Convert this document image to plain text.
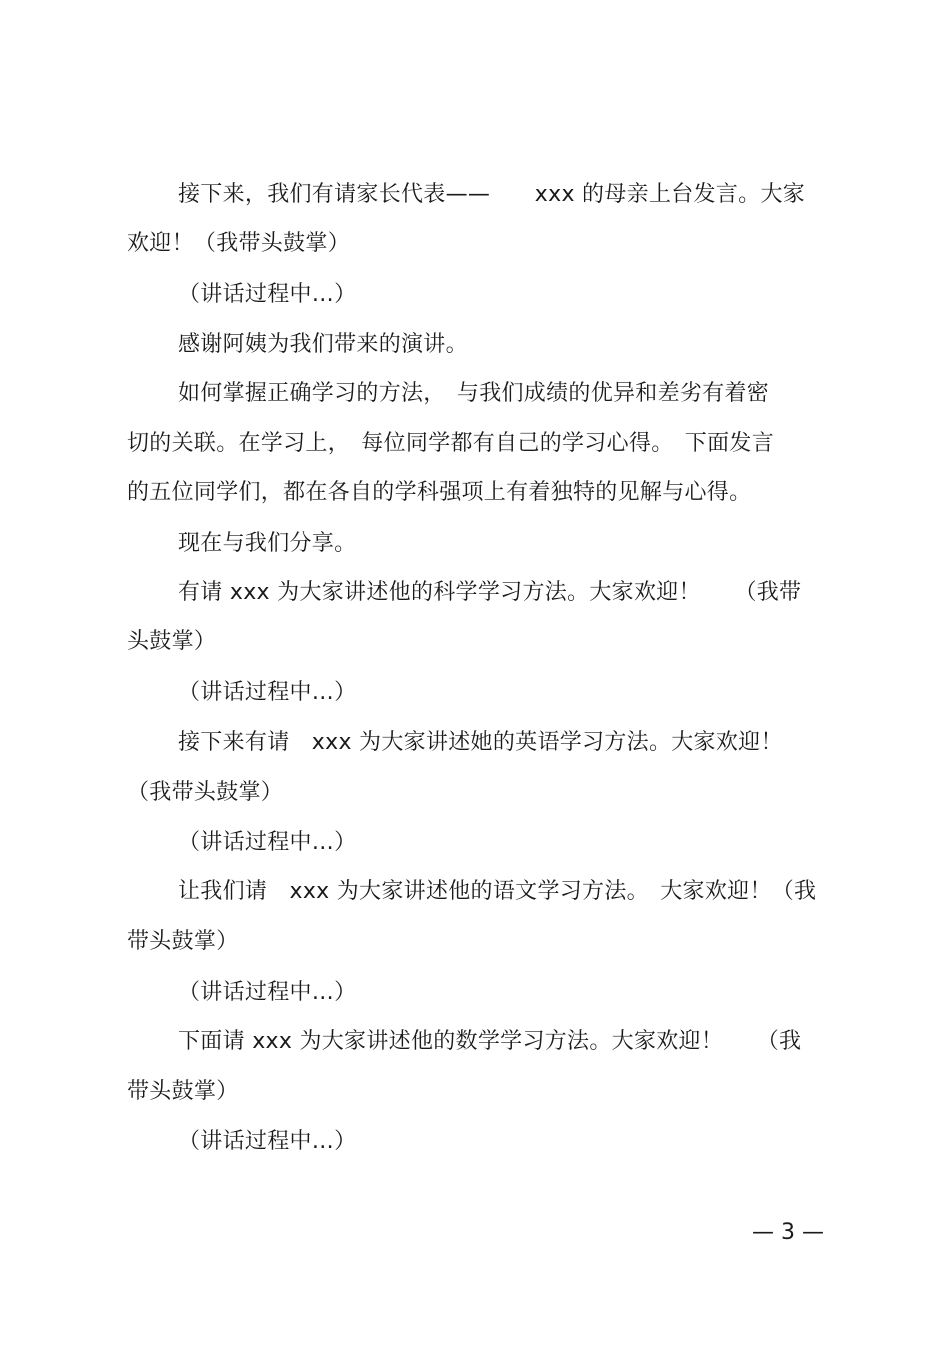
接下来，我们有请家长代表——　　xxx 的母亲上台发言。大家
欢迎！（我带头鼓掌）
（讲话过程中…）
感谢阿姨为我们带来的演讲。
如何掌握正确学习的方法，　与我们成绩的优异和差劣有着密
切的关联。在学习上，　每位同学都有自己的学习心得。　下面发言
的五位同学们，都在各自的学科强项上有着独特的见解与心得。
现在与我们分享。
有请 xxx 为大家讲述他的科学学习方法。大家欢迎！　　（我带
头鼓掌）
（讲话过程中…）
接下来有请　xxx 为大家讲述她的英语学习方法。大家欢迎！
（我带头鼓掌）
（讲话过程中…）
让我们请　xxx 为大家讲述他的语文学习方法。　大家欢迎！（我
带头鼓掌）
（讲话过程中…）
下面请 xxx 为大家讲述他的数学学习方法。大家欢迎！　　（我
带头鼓掌）
（讲话过程中…）
— 3 —
